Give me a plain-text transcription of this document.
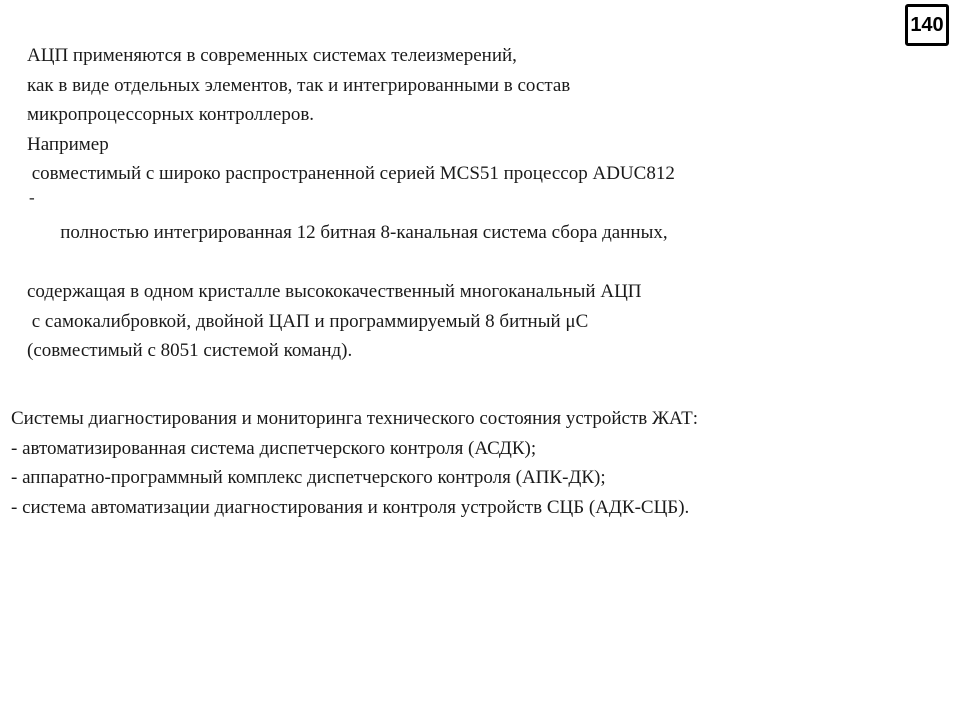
140
АЦП применяются в современных системах телеизмерений,
как в виде отдельных элементов, так и интегрированными в состав
микропроцессорных контроллеров.
Например
совместимый с широко распространенной серией MCS51 процессор ADUC812

-
полностью интегрированная 12 битная 8-канальная система сбора данных,

содержащая в одном кристалле высококачественный многоканальный АЦП
с самокалибровкой, двойной ЦАП и программируемый 8 битный μC
(совместимый с 8051 системой команд).
Системы диагностирования и мониторинга технического состояния устройств ЖАТ:
- автоматизированная система диспетчерского контроля (АСДК);
- аппаратно-программный комплекс диспетчерского контроля (АПК-ДК);
- система автоматизации диагностирования и контроля устройств СЦБ (АДК-СЦБ).
